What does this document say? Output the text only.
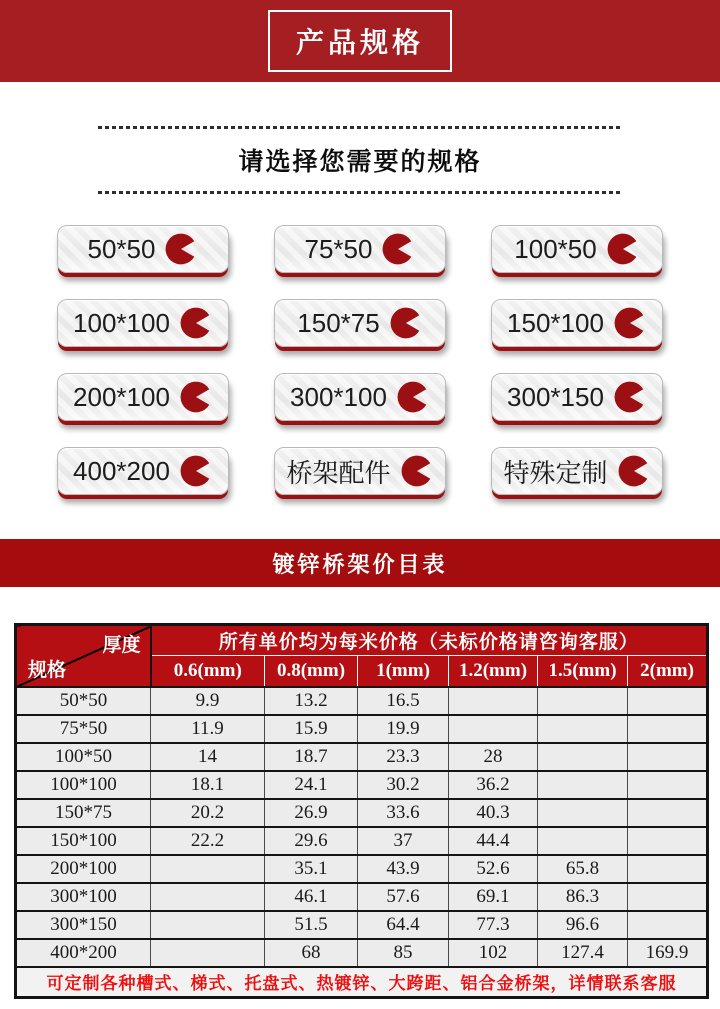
产品规格
请选择您需要的规格
50*50	75*50	100*50
100*100	150*75	150*100
200*100	300*100	300*150
400*200	桥架配件	特殊定制
镀锌桥架价目表
厚度
规格	所有单价均为每米价格（未标价格请咨询客服）					
	0.6(mm)	0.8(mm)	1(mm)	1.2(mm)	1.5(mm)	2(mm)
50*50	9.9	13.2	16.5			
75*50	11.9	15.9	19.9			
100*50	14	18.7	23.3	28		
100*100	18.1	24.1	30.2	36.2		
150*75	20.2	26.9	33.6	40.3		
150*100	22.2	29.6	37	44.4		
200*100		35.1	43.9	52.6	65.8	
300*100		46.1	57.6	69.1	86.3	
300*150		51.5	64.4	77.3	96.6	
400*200		68	85	102	127.4	169.9
可定制各种槽式、梯式、托盘式、热镀锌、大跨距、铝合金桥架，详情联系客服						
